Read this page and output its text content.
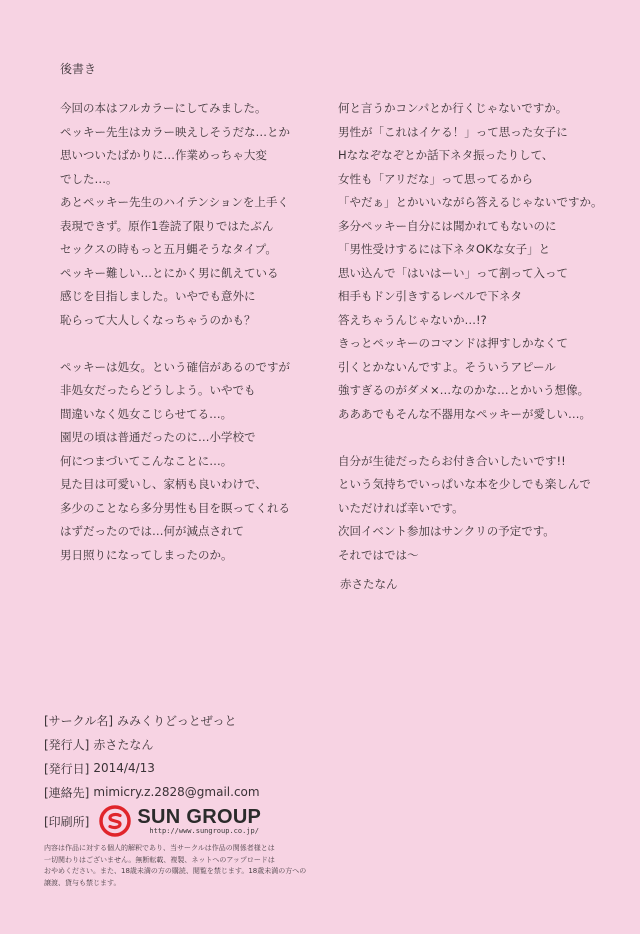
後書き
今回の本はフルカラーにしてみました。
ペッキー先生はカラー映えしそうだな…とか
思いついたばかりに…作業めっちゃ大変
でした…。
あとペッキー先生のハイテンションを上手く
表現できず。原作1巻読了限りではたぶん
セックスの時もっと五月蝿そうなタイプ。
ペッキー難しい…とにかく男に飢えている
感じを目指しました。いやでも意外に
恥らって大人しくなっちゃうのかも？
ペッキーは処女。という確信があるのですが
非処女だったらどうしよう。いやでも
間違いなく処女こじらせてる…。
園児の頃は普通だったのに…小学校で
何につまづいてこんなことに…。
見た目は可愛いし、家柄も良いわけで、
多少のことなら多分男性も目を瞑ってくれる
はずだったのでは…何が減点されて
男日照りになってしまったのか。
何と言うかコンパとか行くじゃないですか。
男性が「これはイケる！」って思った女子に
Hななぞなぞとか話下ネタ振ったりして、
女性も「アリだな」って思ってるから
「やだぁ」とかいいながら答えるじゃないですか。
多分ペッキー自分には聞かれてもないのに
「男性受けするには下ネタOKな女子」と
思い込んで「はいはーい」って割って入って
相手もドン引きするレベルで下ネタ
答えちゃうんじゃないか…!?
きっとペッキーのコマンドは押すしかなくて
引くとかないんですよ。そういうアピール
強すぎるのがダメ×…なのかな…とかいう想像。
あああでもそんな不器用なペッキーが愛しい…。
自分が生徒だったらお付き合いしたいです!!
という気持ちでいっぱいな本を少しでも楽しんで
いただければ幸いです。
次回イベント参加はサンクリの予定です。
それではでは～
赤さたなん
[サークル名] みみくりどっとぜっと
[発行人] 赤さたなん
[発行日] 2014/4/13
[連絡先] mimicry.z.2828@gmail.com
[印刷所] SUN GROUP
http://www.sungroup.co.jp/
内容は作品に対する個人的解釈であり、当サークルは作品の関係者様とは
一切関わりはございません。無断転載、複製、ネットへのアップロードは
おやめください。また、18歳未満の方の購読、閲覧を禁じます。18歳未満の方への
譲渡、貸与も禁じます。
